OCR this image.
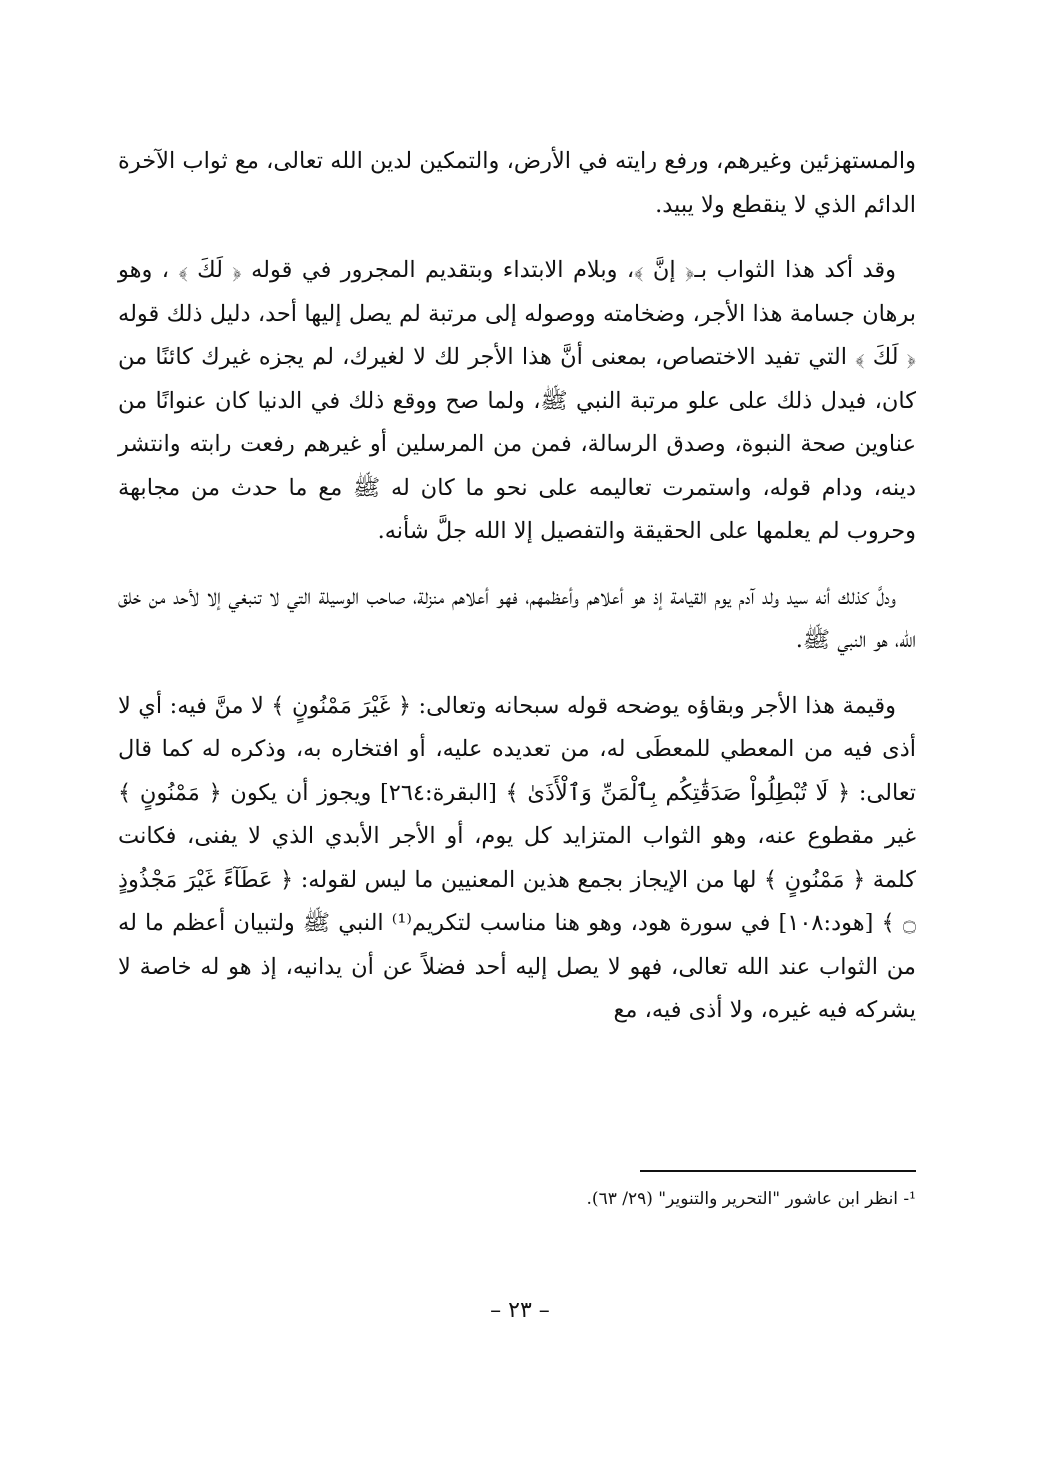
والمستهزئين وغيرهم، ورفع رايته في الأرض، والتمكين لدين الله تعالى، مع ثواب الآخرة الدائم الذي لا ينقطع ولا يبيد.

وقد أكد هذا الثواب بـ﴿ إنَّ ﴾، وبلام الابتداء وبتقديم المجرور في قوله ﴿ لَكَ ﴾ ، وهو برهان جسامة هذا الأجر، وضخامته ووصوله إلى مرتبة لم يصل إليها أحد، دليل ذلك قوله ﴿ لَكَ ﴾ التي تفيد الاختصاص، بمعنى أنَّ هذا الأجر لك لا لغيرك، لم يجزه غيرك كائنًا من كان، فيدل ذلك على علو مرتبة النبي ﷺ، ولما صح ووقع ذلك في الدنيا كان عنوانًا من عناوين صحة النبوة، وصدق الرسالة، فمن من المرسلين أو غيرهم رفعت رابته وانتشر دينه، ودام قوله، واستمرت تعاليمه على نحو ما كان له ﷺ مع ما حدث من مجابهة وحروب لم يعلمها على الحقيقة والتفصيل إلا الله جلَّ شأنه.

ودلَّ كذلك أنه سيد ولد آدم يوم القيامة إذ هو أعلاهم وأعظمهم، فهو أعلاهم منزلة، صاحب الوسيلة التي لا تنبغي إلا لأحد من خلق الله، هو النبي ﷺ.

وقيمة هذا الأجر وبقاؤه يوضحه قوله سبحانه وتعالى: ﴿ غَيْرَ مَمْنُونٍ ﴾ لا منَّ فيه: أي لا أذى فيه من المعطي للمعطَى له، من تعديده عليه، أو افتخاره به، وذكره له كما قال تعالى: ﴿ لَا تُبْطِلُواْ صَدَقَٰتِكُم بِٱلْمَنِّ وَٱلْأَذَىٰ ﴾ [البقرة:٢٦٤] ويجوز أن يكون ﴿ مَمْنُونٍ ﴾ غير مقطوع عنه، وهو الثواب المتزايد كل يوم، أو الأجر الأبدي الذي لا يفنى، فكانت كلمة ﴿ مَمْنُونٍ ﴾ لها من الإيجاز بجمع هذين المعنيين ما ليس لقوله: ﴿ عَطَآءً غَيْرَ مَجْذُوذٍ ۝ ﴾ [هود:١٠٨] في سورة هود، وهو هنا مناسب لتكريم⁽¹⁾ النبي ﷺ ولتبيان أعظم ما له من الثواب عند الله تعالى، فهو لا يصل إليه أحد فضلاً عن أن يدانيه، إذ هو له خاصة لا يشركه فيه غيره، ولا أذى فيه، مع

¹- انظر ابن عاشور "التحرير والتنوير" (٢٩/ ٦٣).
– ٢٣ –
